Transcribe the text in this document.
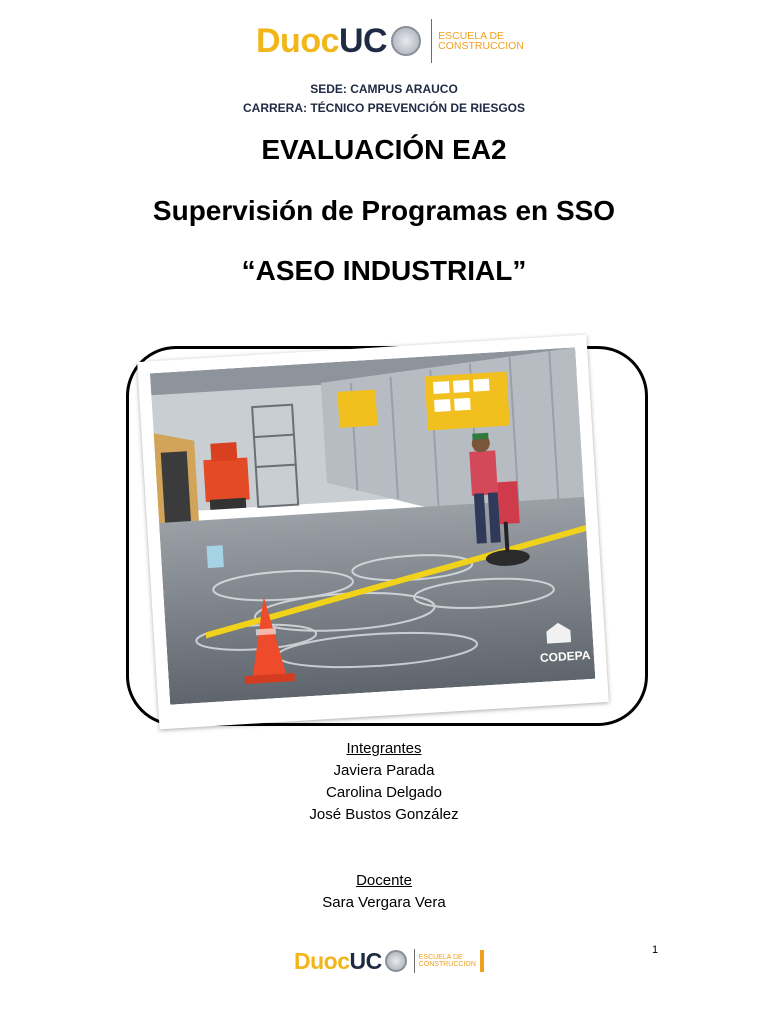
Duoc UC	ESCUELA DE
CONSTRUCCION
SEDE: CAMPUS ARAUCO
CARRERA: TÉCNICO PREVENCIÓN DE RIESGOS
EVALUACIÓN EA2
Supervisión de Programas en SSO
“ASEO INDUSTRIAL”
CODEPA
Integrantes
Javiera Parada
Carolina Delgado
José Bustos González
Docente
Sara Vergara Vera
Duoc UC	ESCUELA DE
CONSTRUCCION
1
